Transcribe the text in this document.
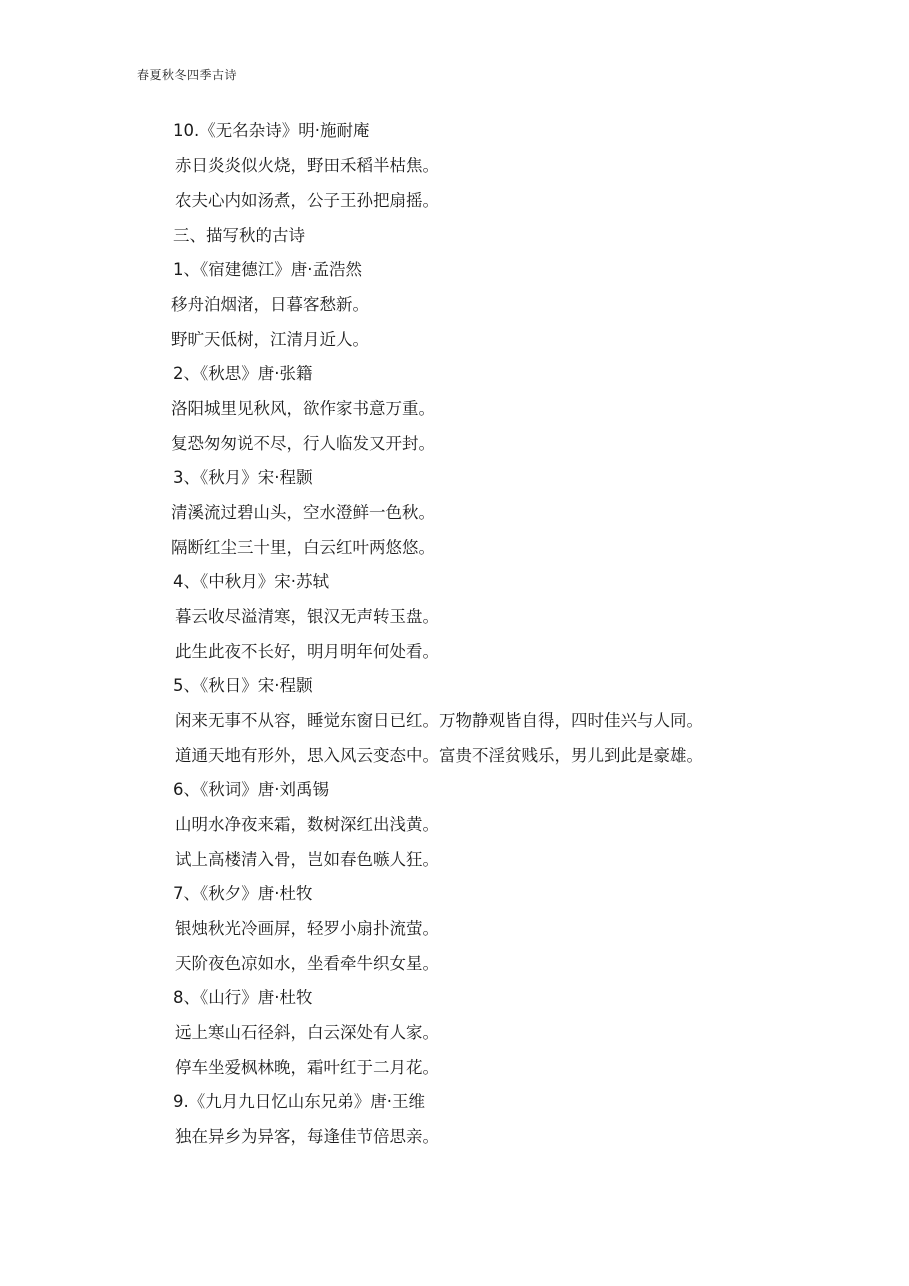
春夏秋冬四季古诗
10.《无名杂诗》明·施耐庵
赤日炎炎似火烧，野田禾稻半枯焦。
农夫心内如汤煮，公子王孙把扇摇。
三、描写秋的古诗
1、《宿建德江》唐·孟浩然
移舟泊烟渚，日暮客愁新。
野旷天低树，江清月近人。
2、《秋思》唐·张籍
洛阳城里见秋风，欲作家书意万重。
复恐匆匆说不尽，行人临发又开封。
3、《秋月》宋·程颢
清溪流过碧山头，空水澄鲜一色秋。
隔断红尘三十里，白云红叶两悠悠。
4、《中秋月》宋·苏轼
暮云收尽溢清寒，银汉无声转玉盘。
此生此夜不长好，明月明年何处看。
5、《秋日》宋·程颢
闲来无事不从容，睡觉东窗日已红。万物静观皆自得，四时佳兴与人同。
道通天地有形外，思入风云变态中。富贵不淫贫贱乐，男儿到此是豪雄。
6、《秋词》唐·刘禹锡
山明水净夜来霜，数树深红出浅黄。
试上高楼清入骨，岂如春色嗾人狂。
7、《秋夕》唐·杜牧
银烛秋光冷画屏，轻罗小扇扑流萤。
天阶夜色凉如水，坐看牵牛织女星。
8、《山行》唐·杜牧
远上寒山石径斜，白云深处有人家。
停车坐爱枫林晚，霜叶红于二月花。
9.《九月九日忆山东兄弟》唐·王维
独在异乡为异客，每逢佳节倍思亲。
